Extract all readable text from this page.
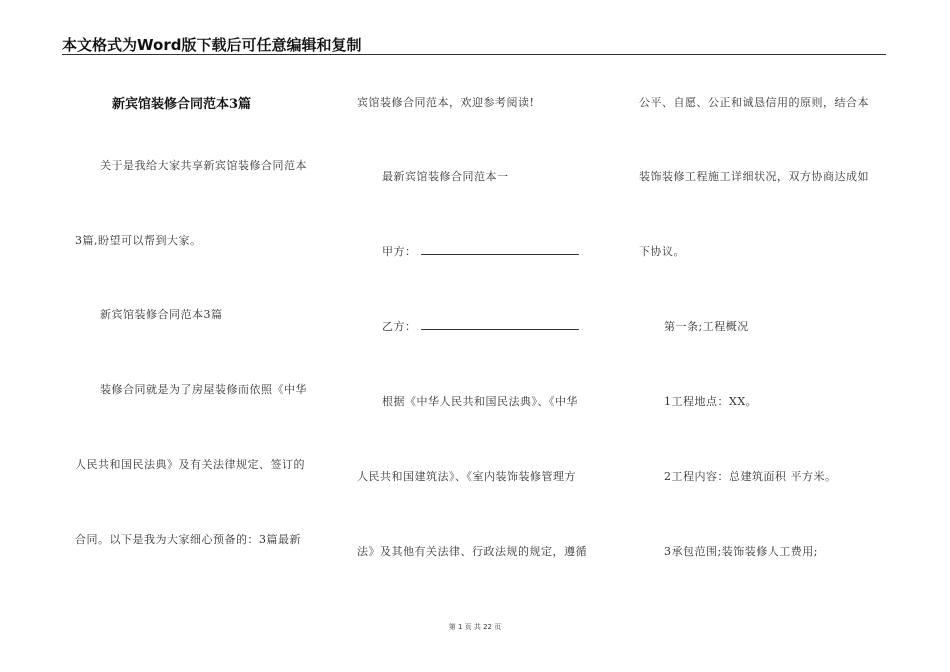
本文格式为Word版下载后可任意编辑和复制
新宾馆装修合同范本3篇
关于是我给大家共享新宾馆装修合同范本
3篇,盼望可以帮到大家。
新宾馆装修合同范本3篇
装修合同就是为了房屋装修而依照《中华
人民共和国民法典》及有关法律规定、签订的
合同。以下是我为大家细心预备的：3篇最新
宾馆装修合同范本，欢迎参考阅读!
最新宾馆装修合同范本一
甲方：
乙方：
根据《中华人民共和国民法典》、《中华
人民共和国建筑法》、《室内装饰装修管理方
法》及其他有关法律、行政法规的规定，遵循
公平、自愿、公正和诚恳信用的原则，结合本
装饰装修工程施工详细状况，双方协商达成如
下协议。
第一条;工程概况
1工程地点：XX。
2工程内容：总建筑面积 平方米。
3承包范围;装饰装修人工费用;
第 1 页 共 22 页
